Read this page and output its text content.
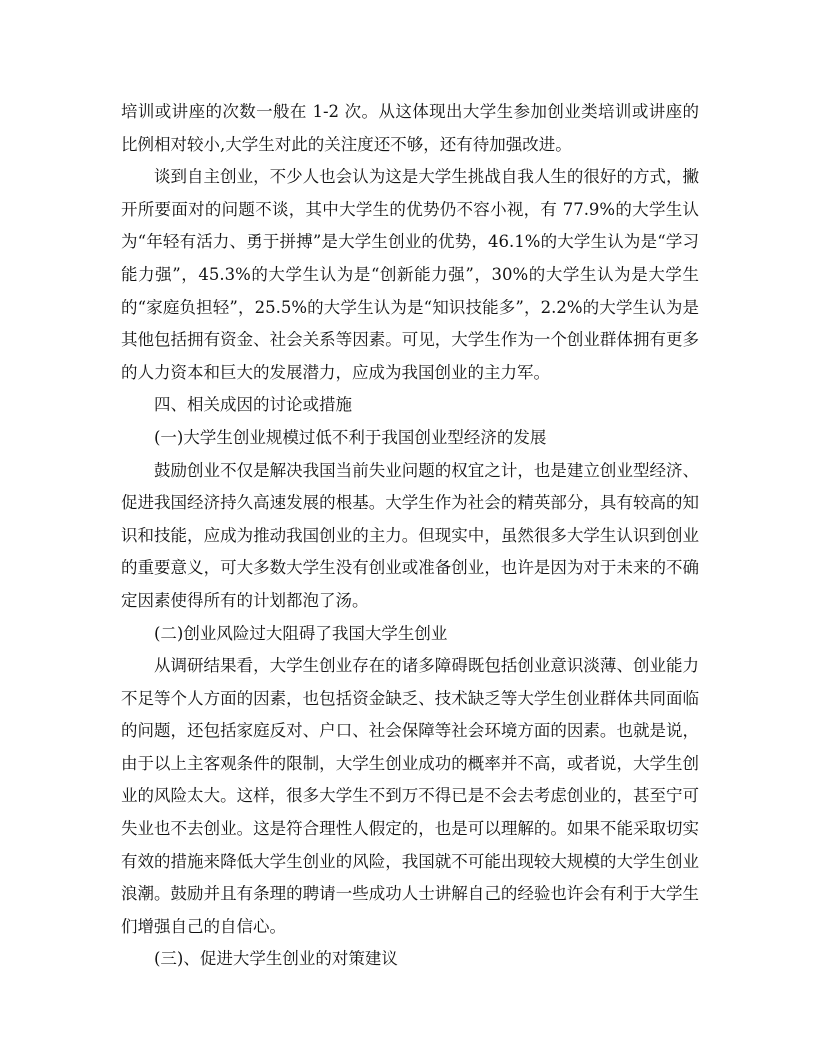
培训或讲座的次数一般在 1-2 次。从这体现出大学生参加创业类培训或讲座的比例相对较小,大学生对此的关注度还不够，还有待加强改进。

谈到自主创业，不少人也会认为这是大学生挑战自我人生的很好的方式，撇开所要面对的问题不谈，其中大学生的优势仍不容小视，有 77.9%的大学生认为“年轻有活力、勇于拼搏”是大学生创业的优势，46.1%的大学生认为是“学习能力强”，45.3%的大学生认为是“创新能力强”，30%的大学生认为是大学生的“家庭负担轻”，25.5%的大学生认为是“知识技能多”，2.2%的大学生认为是其他包括拥有资金、社会关系等因素。可见，大学生作为一个创业群体拥有更多的人力资本和巨大的发展潜力，应成为我国创业的主力军。

四、相关成因的讨论或措施

(一)大学生创业规模过低不利于我国创业型经济的发展

鼓励创业不仅是解决我国当前失业问题的权宜之计，也是建立创业型经济、促进我国经济持久高速发展的根基。大学生作为社会的精英部分，具有较高的知识和技能，应成为推动我国创业的主力。但现实中，虽然很多大学生认识到创业的重要意义，可大多数大学生没有创业或准备创业，也许是因为对于未来的不确定因素使得所有的计划都泡了汤。

(二)创业风险过大阻碍了我国大学生创业

从调研结果看，大学生创业存在的诸多障碍既包括创业意识淡薄、创业能力不足等个人方面的因素，也包括资金缺乏、技术缺乏等大学生创业群体共同面临的问题，还包括家庭反对、户口、社会保障等社会环境方面的因素。也就是说，由于以上主客观条件的限制，大学生创业成功的概率并不高，或者说，大学生创业的风险太大。这样，很多大学生不到万不得已是不会去考虑创业的，甚至宁可失业也不去创业。这是符合理性人假定的，也是可以理解的。如果不能采取切实有效的措施来降低大学生创业的风险，我国就不可能出现较大规模的大学生创业浪潮。鼓励并且有条理的聘请一些成功人士讲解自己的经验也许会有利于大学生们增强自己的自信心。

(三)、促进大学生创业的对策建议
